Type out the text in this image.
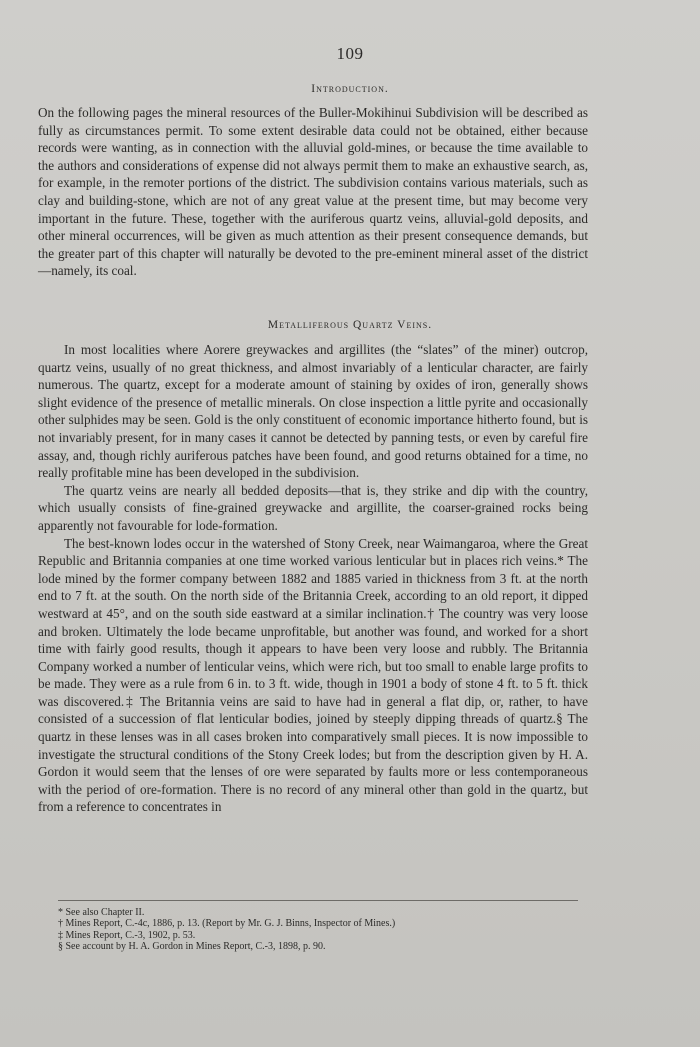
109
Introduction.

On the following pages the mineral resources of the Buller-Mokihinui Subdivision will be described as fully as circumstances permit. To some extent desirable data could not be obtained, either because records were wanting, as in connection with the alluvial gold-mines, or because the time available to the authors and considerations of expense did not always permit them to make an exhaustive search, as, for example, in the remoter portions of the district. The subdivision contains various materials, such as clay and building-stone, which are not of any great value at the present time, but may become very important in the future. These, together with the auriferous quartz veins, alluvial-gold deposits, and other mineral occurrences, will be given as much attention as their present consequence demands, but the greater part of this chapter will naturally be devoted to the pre-eminent mineral asset of the district—namely, its coal.

Metalliferous Quartz Veins.

In most localities where Aorere greywackes and argillites (the “slates” of the miner) outcrop, quartz veins, usually of no great thickness, and almost invariably of a lenticular character, are fairly numerous. The quartz, except for a moderate amount of staining by oxides of iron, generally shows slight evidence of the presence of metallic minerals. On close inspection a little pyrite and occasionally other sulphides may be seen. Gold is the only constituent of economic importance hitherto found, but is not invariably present, for in many cases it cannot be detected by panning tests, or even by careful fire assay, and, though richly auriferous patches have been found, and good returns obtained for a time, no really profitable mine has been developed in the subdivision.

The quartz veins are nearly all bedded deposits—that is, they strike and dip with the country, which usually consists of fine-grained greywacke and argillite, the coarser-grained rocks being apparently not favourable for lode-formation.

The best-known lodes occur in the watershed of Stony Creek, near Waimangaroa, where the Great Republic and Britannia companies at one time worked various lenticular but in places rich veins.* The lode mined by the former company between 1882 and 1885 varied in thickness from 3 ft. at the north end to 7 ft. at the south. On the north side of the Britannia Creek, according to an old report, it dipped westward at 45°, and on the south side eastward at a similar inclination.† The country was very loose and broken. Ultimately the lode became unprofitable, but another was found, and worked for a short time with fairly good results, though it appears to have been very loose and rubbly. The Britannia Company worked a number of lenticular veins, which were rich, but too small to enable large profits to be made. They were as a rule from 6 in. to 3 ft. wide, though in 1901 a body of stone 4 ft. to 5 ft. thick was discovered.‡ The Britannia veins are said to have had in general a flat dip, or, rather, to have consisted of a succession of flat lenticular bodies, joined by steeply dipping threads of quartz.§ The quartz in these lenses was in all cases broken into comparatively small pieces. It is now impossible to investigate the structural conditions of the Stony Creek lodes; but from the description given by H. A. Gordon it would seem that the lenses of ore were separated by faults more or less contemporaneous with the period of ore-formation. There is no record of any mineral other than gold in the quartz, but from a reference to concentrates in

* See also Chapter II.
† Mines Report, C.-4c, 1886, p. 13. (Report by Mr. G. J. Binns, Inspector of Mines.)
‡ Mines Report, C.-3, 1902, p. 53.
§ See account by H. A. Gordon in Mines Report, C.-3, 1898, p. 90.
